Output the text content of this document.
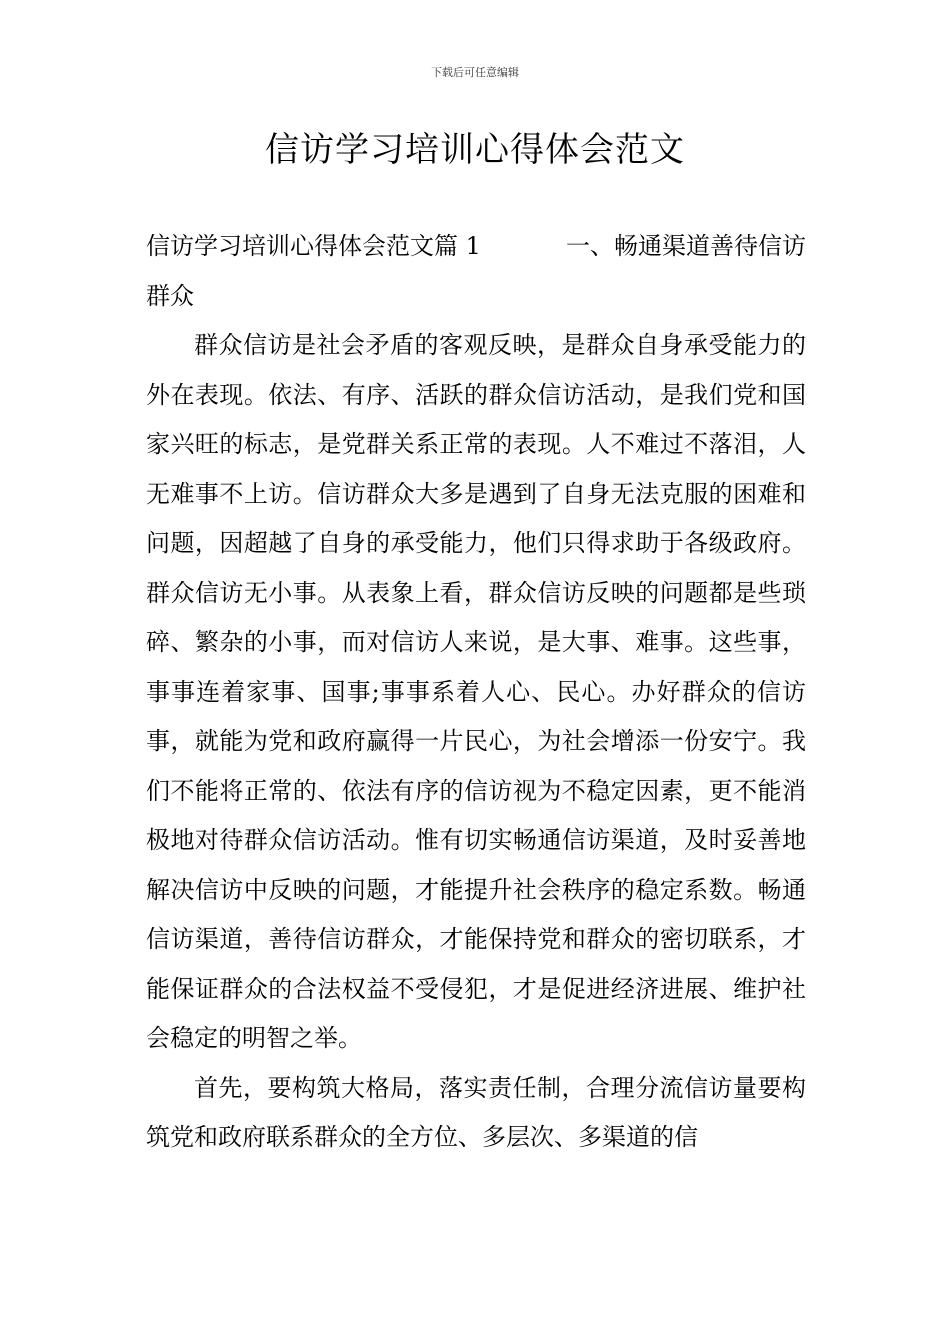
下载后可任意编辑
信访学习培训心得体会范文

信访学习培训心得体会范文篇 1	一、畅通渠道善待信访

群众

群众信访是社会矛盾的客观反映，是群众自身承受能力的外在表现。依法、有序、活跃的群众信访活动，是我们党和国家兴旺的标志，是党群关系正常的表现。人不难过不落泪，人无难事不上访。信访群众大多是遇到了自身无法克服的困难和问题，因超越了自身的承受能力，他们只得求助于各级政府。群众信访无小事。从表象上看，群众信访反映的问题都是些琐碎、繁杂的小事，而对信访人来说，是大事、难事。这些事，事事连着家事、国事;事事系着人心、民心。办好群众的信访事，就能为党和政府赢得一片民心，为社会增添一份安宁。我们不能将正常的、依法有序的信访视为不稳定因素，更不能消极地对待群众信访活动。惟有切实畅通信访渠道，及时妥善地解决信访中反映的问题，才能提升社会秩序的稳定系数。畅通信访渠道，善待信访群众，才能保持党和群众的密切联系，才能保证群众的合法权益不受侵犯，才是促进经济进展、维护社会稳定的明智之举。

首先，要构筑大格局，落实责任制，合理分流信访量要构筑党和政府联系群众的全方位、多层次、多渠道的信
